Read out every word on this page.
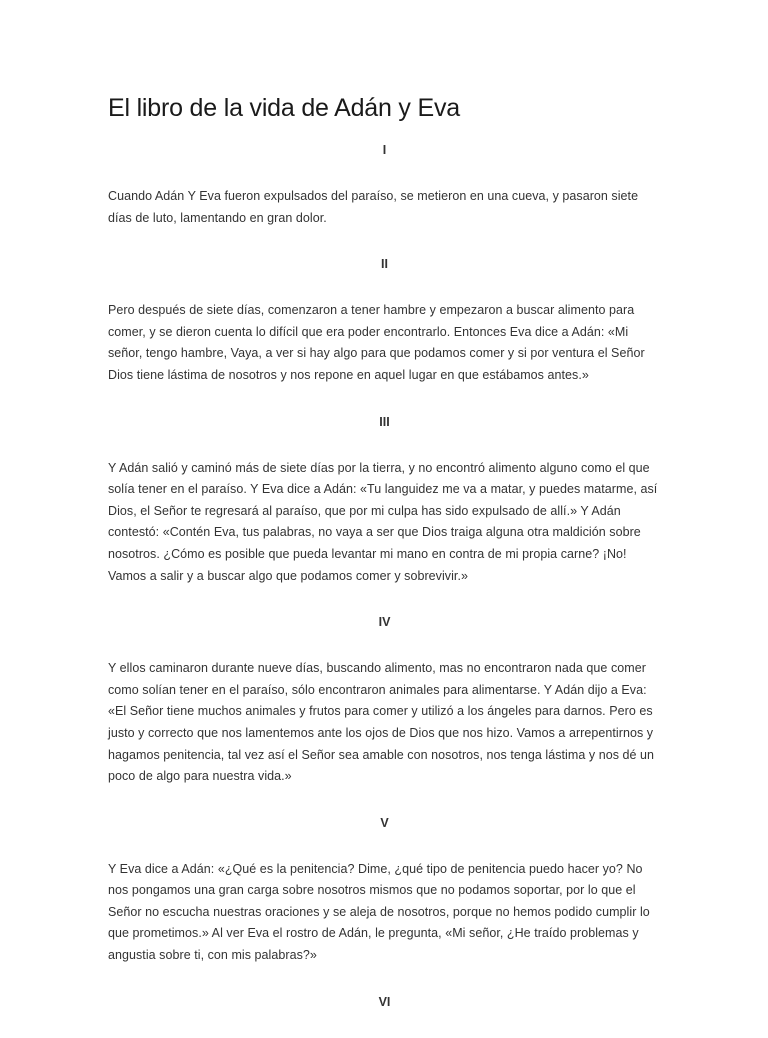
El libro de la vida de Adán y Eva
I

Cuando Adán Y Eva fueron expulsados del paraíso, se metieron en una cueva, y pasaron siete días de luto, lamentando en gran dolor.

II

Pero después de siete días, comenzaron a tener hambre y empezaron a buscar alimento para comer, y se dieron cuenta lo difícil que era poder encontrarlo. Entonces Eva dice a Adán: «Mi señor, tengo hambre, Vaya, a ver si hay algo para que podamos comer y si por ventura el Señor Dios tiene lástima de nosotros y nos repone en aquel lugar en que estábamos antes.»

III

Y Adán salió y caminó más de siete días por la tierra, y no encontró alimento alguno como el que solía tener en el paraíso. Y Eva dice a Adán: «Tu languidez me va a matar, y puedes matarme, así Dios, el Señor te regresará al paraíso, que por mi culpa has sido expulsado de allí.» Y Adán contestó: «Contén Eva, tus palabras, no vaya a ser que Dios traiga alguna otra maldición sobre nosotros. ¿Cómo es posible que pueda levantar mi mano en contra de mi propia carne? ¡No! Vamos a salir y a buscar algo que podamos comer y sobrevivir.»

IV

Y ellos caminaron durante nueve días, buscando alimento, mas no encontraron nada que comer como solían tener en el paraíso, sólo encontraron animales para alimentarse. Y Adán dijo a Eva: «El Señor tiene muchos animales y frutos para comer y utilizó a los ángeles para darnos. Pero es justo y correcto que nos lamentemos ante los ojos de Dios que nos hizo. Vamos a arrepentirnos y hagamos penitencia, tal vez así el Señor sea amable con nosotros, nos tenga lástima y nos dé un poco de algo para nuestra vida.»

V

Y Eva dice a Adán: «¿Qué es la penitencia? Dime, ¿qué tipo de penitencia puedo hacer yo? No nos pongamos una gran carga sobre nosotros mismos que no podamos soportar, por lo que el Señor no escucha nuestras oraciones y se aleja de nosotros, porque no hemos podido cumplir lo que prometimos.» Al ver Eva el rostro de Adán, le pregunta, «Mi señor, ¿He traído problemas y angustia sobre ti, con mis palabras?»

VI
